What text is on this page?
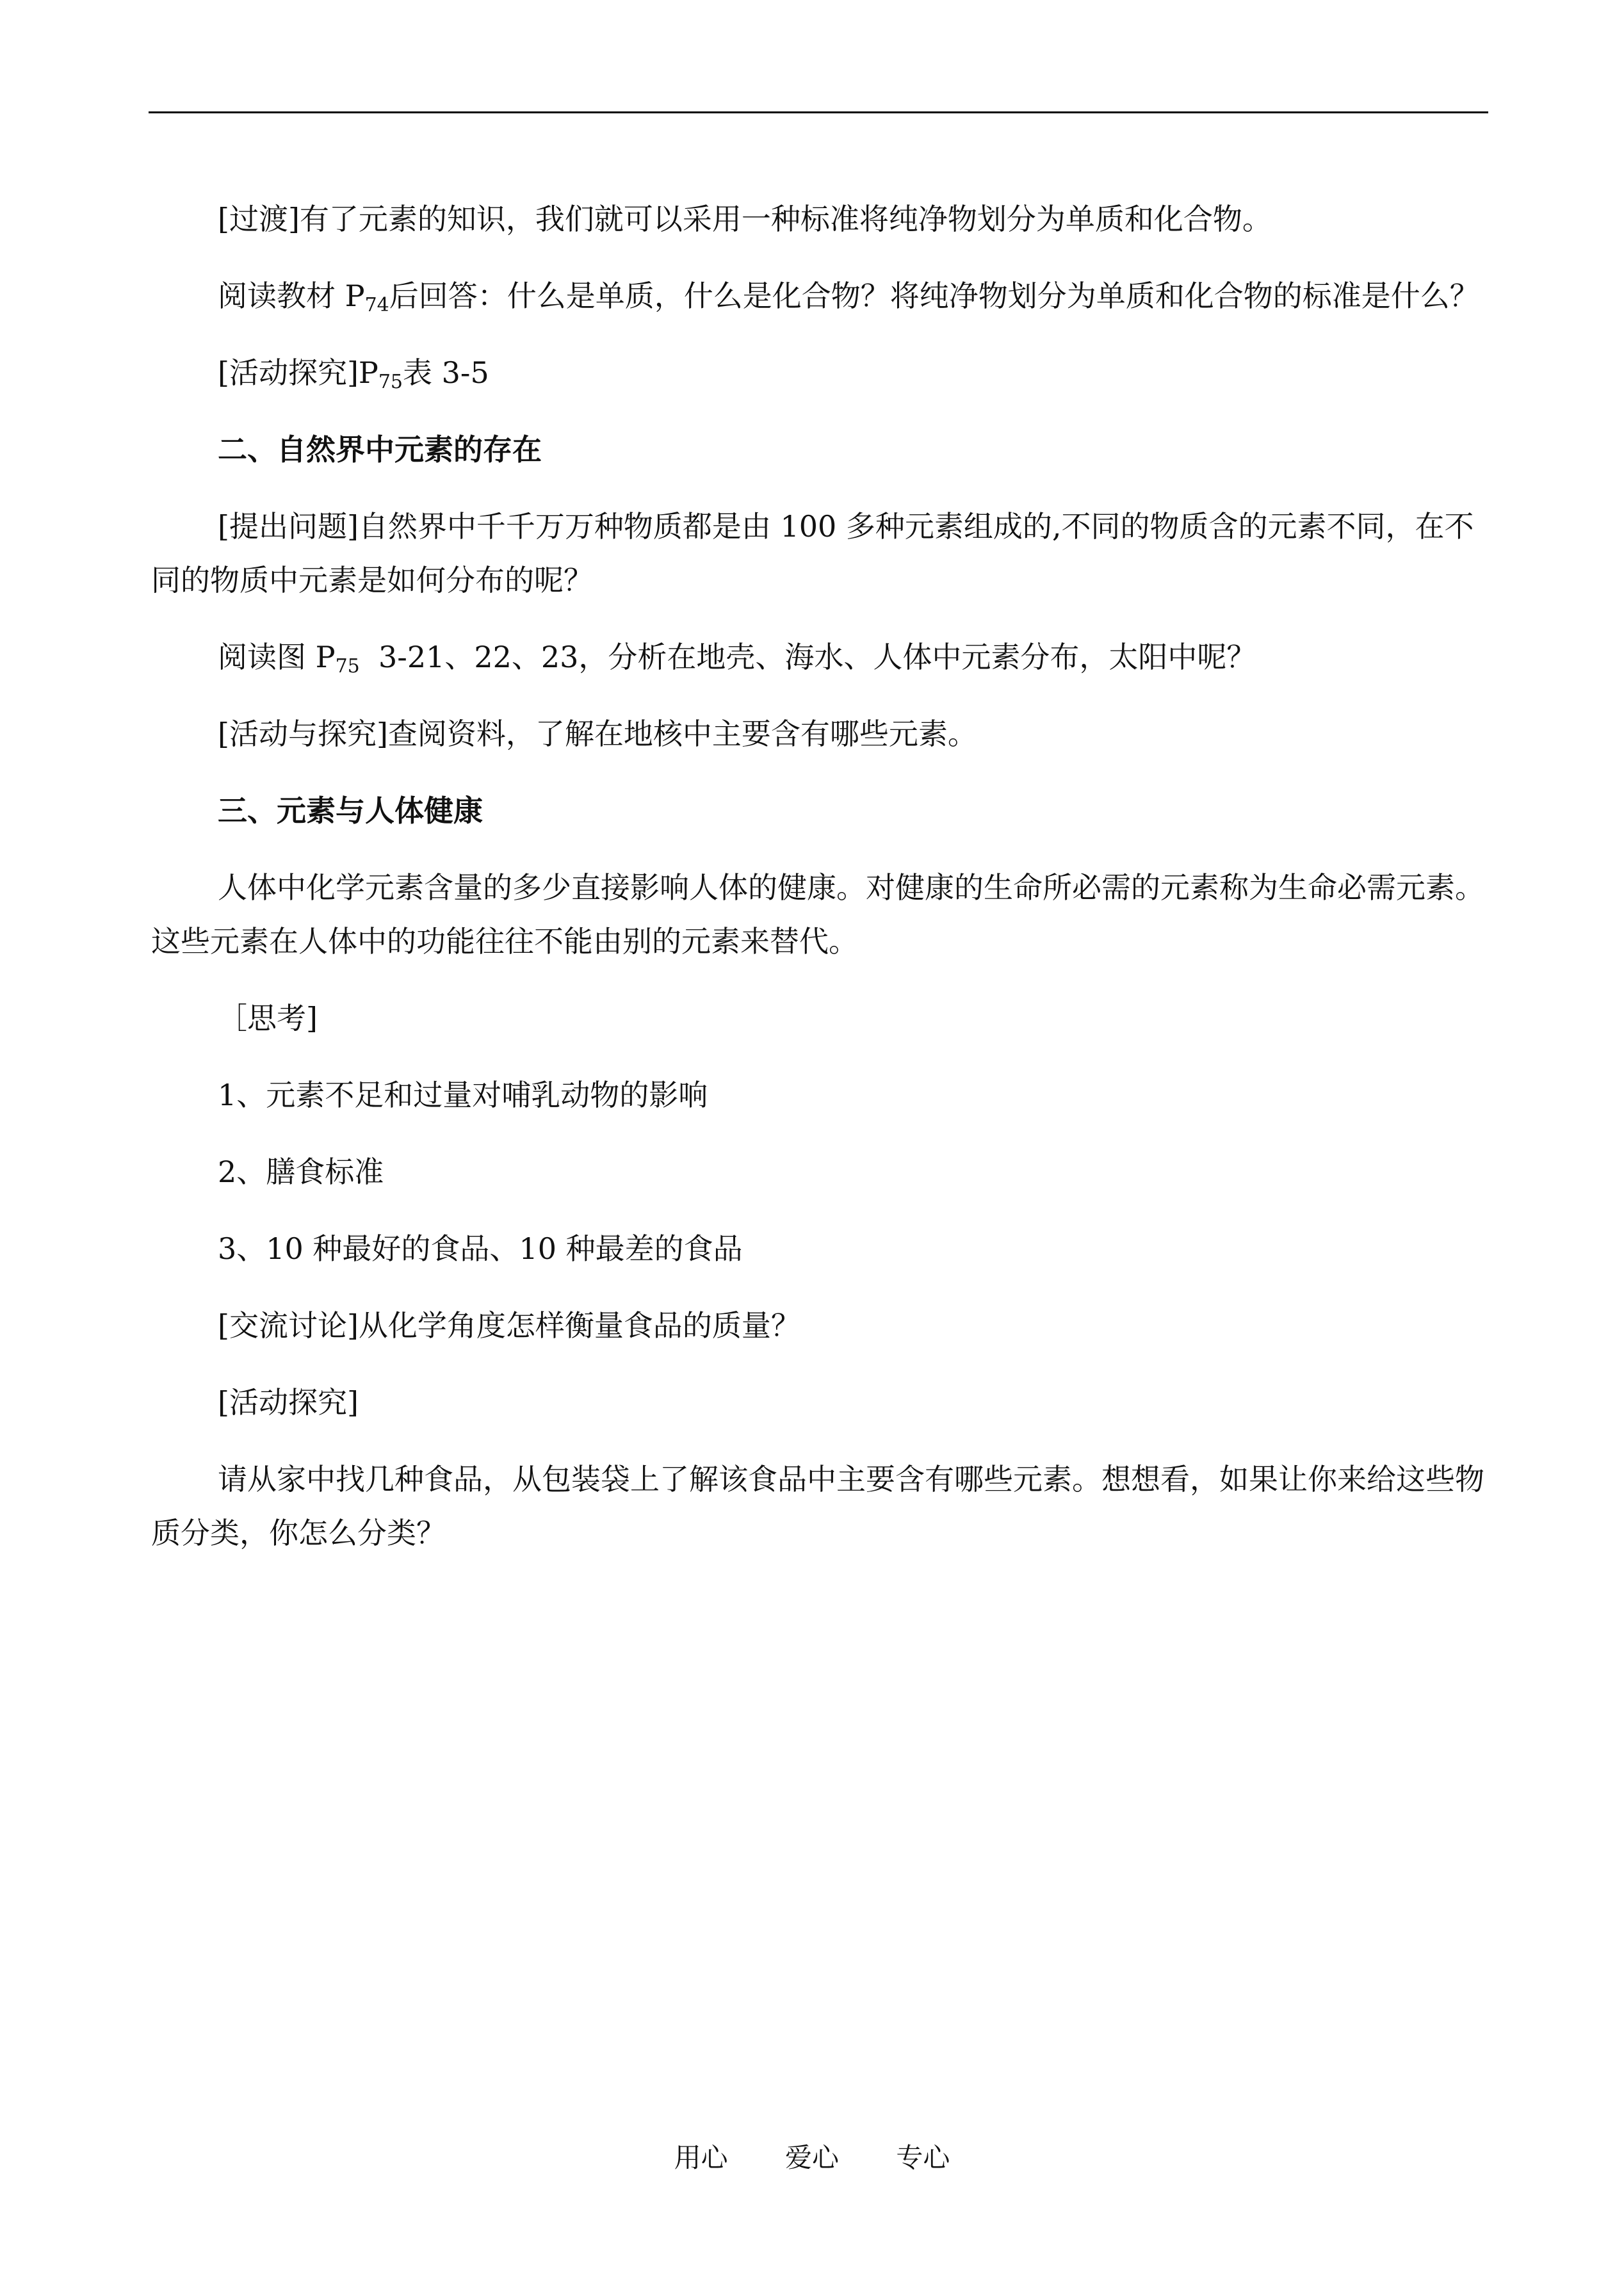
[过渡]有了元素的知识，我们就可以采用一种标准将纯净物划分为单质和化合物。

阅读教材 $P_{74}$后回答：什么是单质，什么是化合物？将纯净物划分为单质和化合物的标准是什么？

[活动探究]$P_{75}$表 3-5

二、自然界中元素的存在

[提出问题]自然界中千千万万种物质都是由 100 多种元素组成的,不同的物质含的元素不同，在不同的物质中元素是如何分布的呢？

阅读图 $P_{75}$  3-21、22、23，分析在地壳、海水、人体中元素分布，太阳中呢？

[活动与探究]查阅资料，了解在地核中主要含有哪些元素。

三、元素与人体健康

人体中化学元素含量的多少直接影响人体的健康。对健康的生命所必需的元素称为生命必需元素。这些元素在人体中的功能往往不能由别的元素来替代。

［思考]

1、元素不足和过量对哺乳动物的影响

2、膳食标准

3、10 种最好的食品、10 种最差的食品

[交流讨论]从化学角度怎样衡量食品的质量？

[活动探究]

请从家中找几种食品，从包装袋上了解该食品中主要含有哪些元素。想想看，如果让你来给这些物质分类，你怎么分类？

用心 爱心 专心
